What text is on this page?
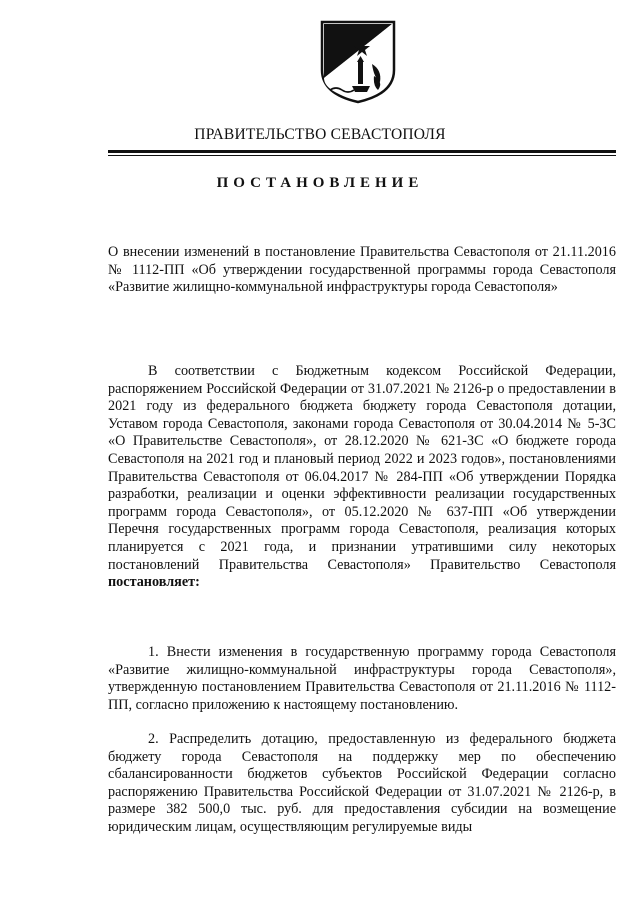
ПРАВИТЕЛЬСТВО СЕВАСТОПОЛЯ
ПОСТАНОВЛЕНИЕ
О внесении изменений в постановление Правительства Севастополя от 21.11.2016 № 1112-ПП «Об утверждении государственной программы города Севастополя «Развитие жилищно-коммунальной инфраструктуры города Севастополя»

В соответствии с Бюджетным кодексом Российской Федерации, распоряжением Российской Федерации от 31.07.2021 № 2126-р о предоставлении в 2021 году из федерального бюджета бюджету города Севастополя дотации, Уставом города Севастополя, законами города Севастополя от 30.04.2014 № 5-ЗС «О Правительстве Севастополя», от 28.12.2020 № 621-ЗС «О бюджете города Севастополя на 2021 год и плановый период 2022 и 2023 годов», постановлениями Правительства Севастополя от 06.04.2017 № 284-ПП «Об утверждении Порядка разработки, реализации и оценки эффективности реализации государственных программ города Севастополя», от 05.12.2020 № 637-ПП «Об утверждении Перечня государственных программ города Севастополя, реализация которых планируется с 2021 года, и признании утратившими силу некоторых постановлений Правительства Севастополя» Правительство Севастополя постановляет:

1. Внести изменения в государственную программу города Севастополя «Развитие жилищно-коммунальной инфраструктуры города Севастополя», утвержденную постановлением Правительства Севастополя от 21.11.2016 № 1112-ПП, согласно приложению к настоящему постановлению.

2. Распределить дотацию, предоставленную из федерального бюджета бюджету города Севастополя на поддержку мер по обеспечению сбалансированности бюджетов субъектов Российской Федерации согласно распоряжению Правительства Российской Федерации от 31.07.2021 № 2126-р, в размере 382 500,0 тыс. руб. для предоставления субсидии на возмещение юридическим лицам, осуществляющим регулируемые виды
